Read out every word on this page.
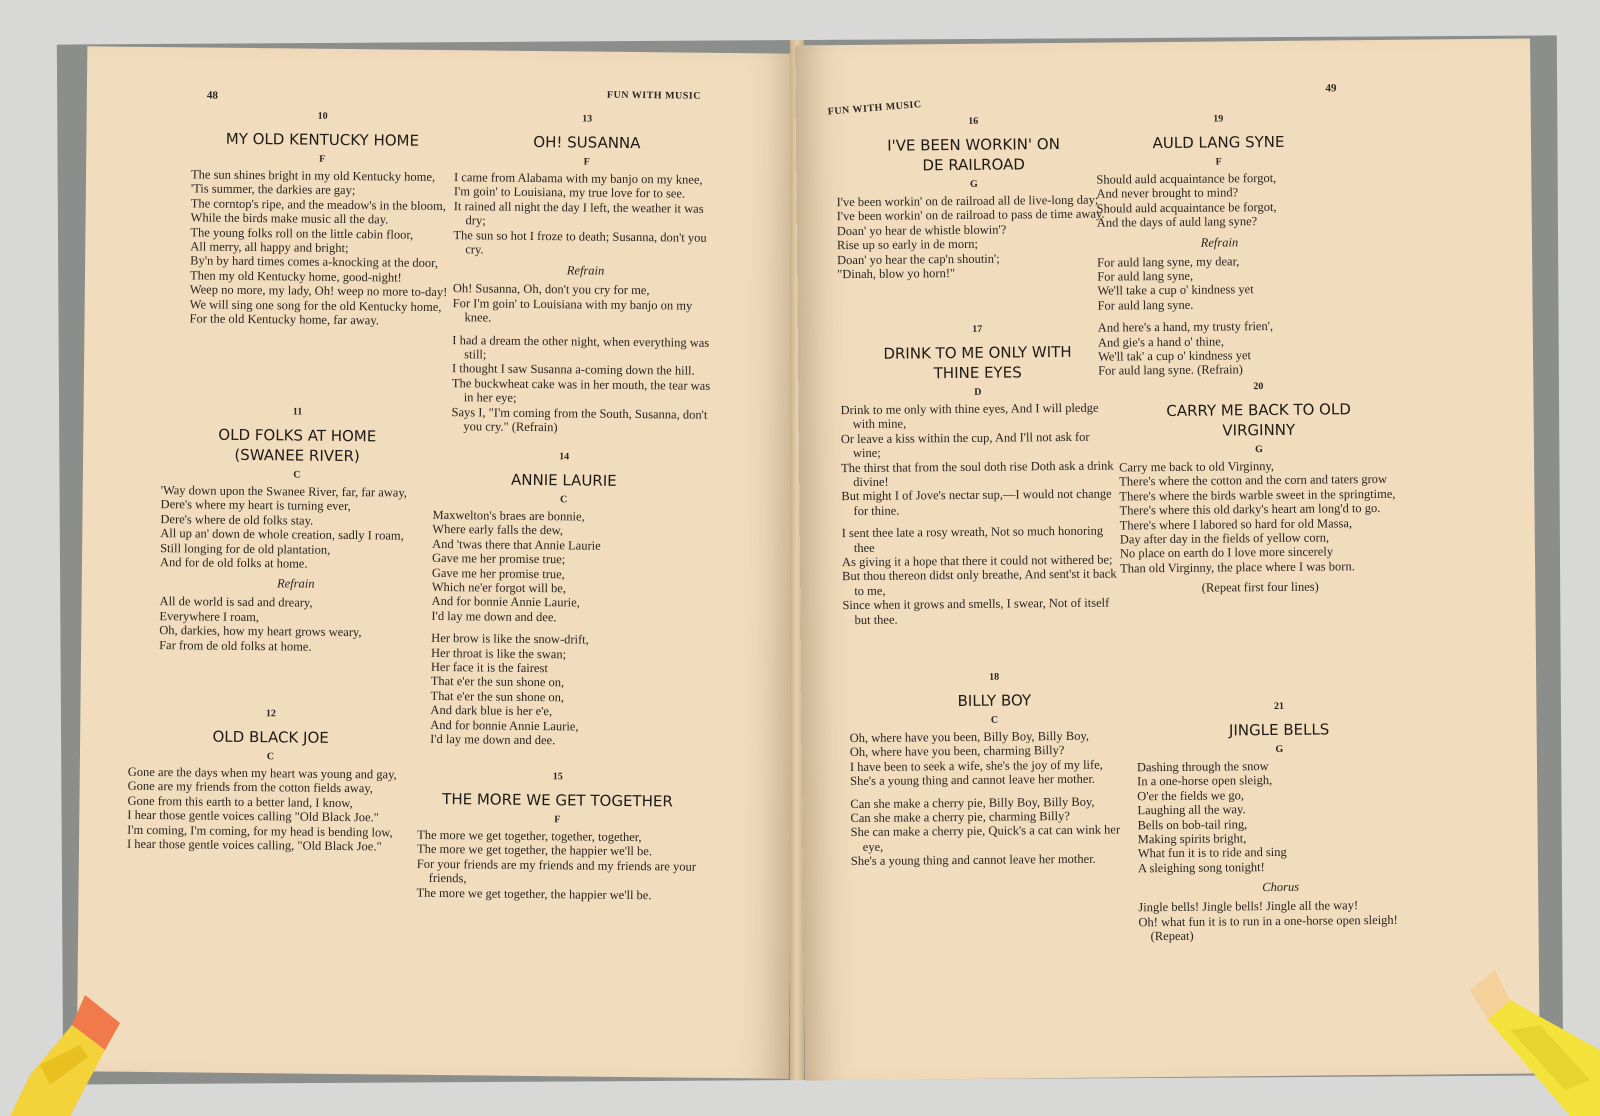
48	FUN WITH MUSIC
10
MY OLD KENTUCKY HOME
F
The sun shines bright in my old Kentucky home,
'Tis summer, the darkies are gay;
The corntop's ripe, and the meadow's in the bloom,
While the birds make music all the day.
The young folks roll on the little cabin floor,
All merry, all happy and bright;
By'n by hard times comes a-knocking at the door,
Then my old Kentucky home, good-night!
Weep no more, my lady, Oh! weep no more to-day!
We will sing one song for the old Kentucky home,
For the old Kentucky home, far away.
11
OLD FOLKS AT HOME (SWANEE RIVER)
C
'Way down upon the Swanee River, far, far away,
Dere's where my heart is turning ever,
Dere's where de old folks stay.
All up an' down de whole creation, sadly I roam,
Still longing for de old plantation,
And for de old folks at home.
Refrain
All de world is sad and dreary,
Everywhere I roam,
Oh, darkies, how my heart grows weary,
Far from de old folks at home.
12
OLD BLACK JOE
C
Gone are the days when my heart was young and gay,
Gone are my friends from the cotton fields away,
Gone from this earth to a better land, I know,
I hear those gentle voices calling "Old Black Joe."
I'm coming, I'm coming, for my head is bending low,
I hear those gentle voices calling, "Old Black Joe."
13
OH! SUSANNA
F
I came from Alabama with my banjo on my knee,
I'm goin' to Louisiana, my true love for to see.
It rained all night the day I left, the weather it was dry;
The sun so hot I froze to death; Susanna, don't you cry.
Refrain
Oh! Susanna, Oh, don't you cry for me,
For I'm goin' to Louisiana with my banjo on my knee.
I had a dream the other night, when everything was still;
I thought I saw Susanna a-coming down the hill.
The buckwheat cake was in her mouth, the tear was in her eye;
Says I, "I'm coming from the South, Susanna, don't you cry." (Refrain)
14
ANNIE LAURIE
C
Maxwelton's braes are bonnie,
Where early falls the dew,
And 'twas there that Annie Laurie
Gave me her promise true;
Gave me her promise true,
Which ne'er forgot will be,
And for bonnie Annie Laurie,
I'd lay me down and dee.
Her brow is like the snow-drift,
Her throat is like the swan;
Her face it is the fairest
That e'er the sun shone on,
That e'er the sun shone on,
And dark blue is her e'e,
And for bonnie Annie Laurie,
I'd lay me down and dee.
15
THE MORE WE GET TOGETHER
F
The more we get together, together, together,
The more we get together, the happier we'll be.
For your friends are my friends and my friends are your friends,
The more we get together, the happier we'll be.
FUN WITH MUSIC
49
16
I'VE BEEN WORKIN' ON DE RAILROAD
G
I've been workin' on de railroad all de live-long day;
I've been workin' on de railroad to pass de time away.
Doan' yo hear de whistle blowin'?
Rise up so early in de morn;
Doan' yo hear the cap'n shoutin';
"Dinah, blow yo horn!"
17
DRINK TO ME ONLY WITH THINE EYES
D
Drink to me only with thine eyes, And I will pledge with mine,
Or leave a kiss within the cup, And I'll not ask for wine;
The thirst that from the soul doth rise Doth ask a drink divine!
But might I of Jove's nectar sup,—I would not change for thine.
I sent thee late a rosy wreath, Not so much honoring thee
As giving it a hope that there it could not withered be;
But thou thereon didst only breathe, And sent'st it back to me,
Since when it grows and smells, I swear, Not of itself but thee.
18
BILLY BOY
C
Oh, where have you been, Billy Boy, Billy Boy,
Oh, where have you been, charming Billy?
I have been to seek a wife, she's the joy of my life,
She's a young thing and cannot leave her mother.
Can she make a cherry pie, Billy Boy, Billy Boy,
Can she make a cherry pie, charming Billy?
She can make a cherry pie, Quick's a cat can wink her eye,
She's a young thing and cannot leave her mother.
19
AULD LANG SYNE
F
Should auld acquaintance be forgot,
And never brought to mind?
Should auld acquaintance be forgot,
And the days of auld lang syne?
Refrain
For auld lang syne, my dear,
For auld lang syne,
We'll take a cup o' kindness yet
For auld lang syne.
And here's a hand, my trusty frien',
And gie's a hand o' thine,
We'll tak' a cup o' kindness yet
For auld lang syne. (Refrain)
20
CARRY ME BACK TO OLD VIRGINNY
G
Carry me back to old Virginny,
There's where the cotton and the corn and taters grow
There's where the birds warble sweet in the springtime,
There's where this old darky's heart am long'd to go.
There's where I labored so hard for old Massa,
Day after day in the fields of yellow corn,
No place on earth do I love more sincerely
Than old Virginny, the place where I was born.
(Repeat first four lines)
21
JINGLE BELLS
G
Dashing through the snow
In a one-horse open sleigh,
O'er the fields we go,
Laughing all the way.
Bells on bob-tail ring,
Making spirits bright,
What fun it is to ride and sing
A sleighing song tonight!
Chorus
Jingle bells! Jingle bells! Jingle all the way!
Oh! what fun it is to run in a one-horse open sleigh! (Repeat)
